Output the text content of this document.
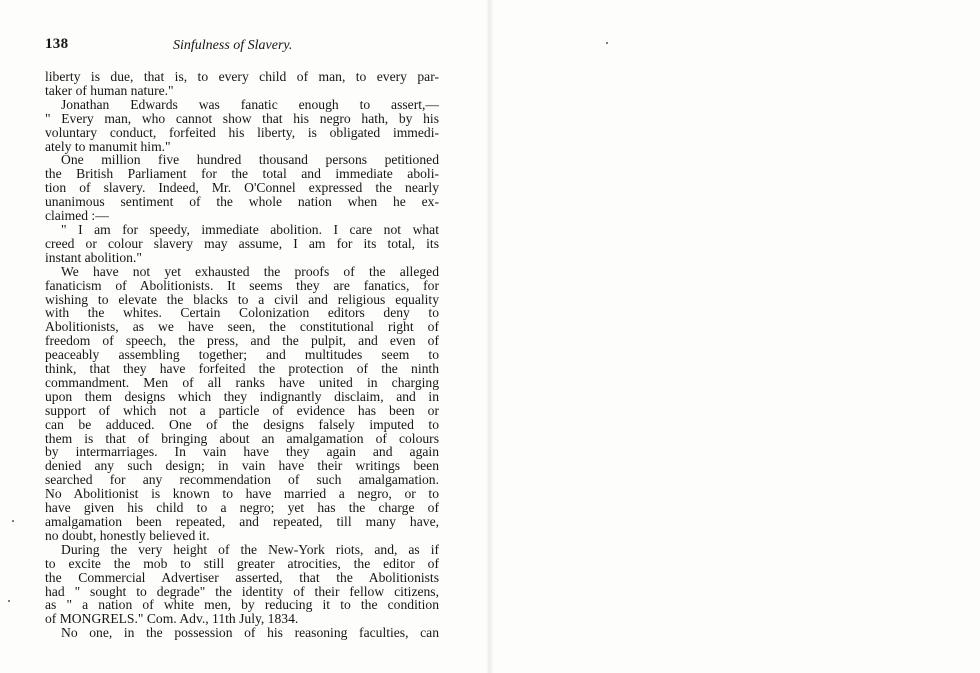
138	Sinfulness of Slavery.
liberty is due, that is, to every child of man, to every par-
taker of human nature."
Jonathan Edwards was fanatic enough to assert,—
" Every man, who cannot show that his negro hath, by his
voluntary conduct, forfeited his liberty, is obligated immedi-
ately to manumit him."
One million five hundred thousand persons petitioned
the British Parliament for the total and immediate aboli-
tion of slavery. Indeed, Mr. O'Connel expressed the nearly
unanimous sentiment of the whole nation when he ex-
claimed :—
" I am for speedy, immediate abolition. I care not what
creed or colour slavery may assume, I am for its total, its
instant abolition."
We have not yet exhausted the proofs of the alleged
fanaticism of Abolitionists. It seems they are fanatics, for
wishing to elevate the blacks to a civil and religious equality
with the whites. Certain Colonization editors deny to
Abolitionists, as we have seen, the constitutional right of
freedom of speech, the press, and the pulpit, and even of
peaceably assembling together; and multitudes seem to
think, that they have forfeited the protection of the ninth
commandment. Men of all ranks have united in charging
upon them designs which they indignantly disclaim, and in
support of which not a particle of evidence has been or
can be adduced. One of the designs falsely imputed to
them is that of bringing about an amalgamation of colours
by intermarriages. In vain have they again and again
denied any such design; in vain have their writings been
searched for any recommendation of such amalgamation.
No Abolitionist is known to have married a negro, or to
have given his child to a negro; yet has the charge of
amalgamation been repeated, and repeated, till many have,
no doubt, honestly believed it.
During the very height of the New-York riots, and, as if
to excite the mob to still greater atrocities, the editor of
the Commercial Advertiser asserted, that the Abolitionists
had " sought to degrade" the identity of their fellow citizens,
as " a nation of white men, by reducing it to the condition
of MONGRELS." Com. Adv., 11th July, 1834.
No one, in the possession of his reasoning faculties, can
